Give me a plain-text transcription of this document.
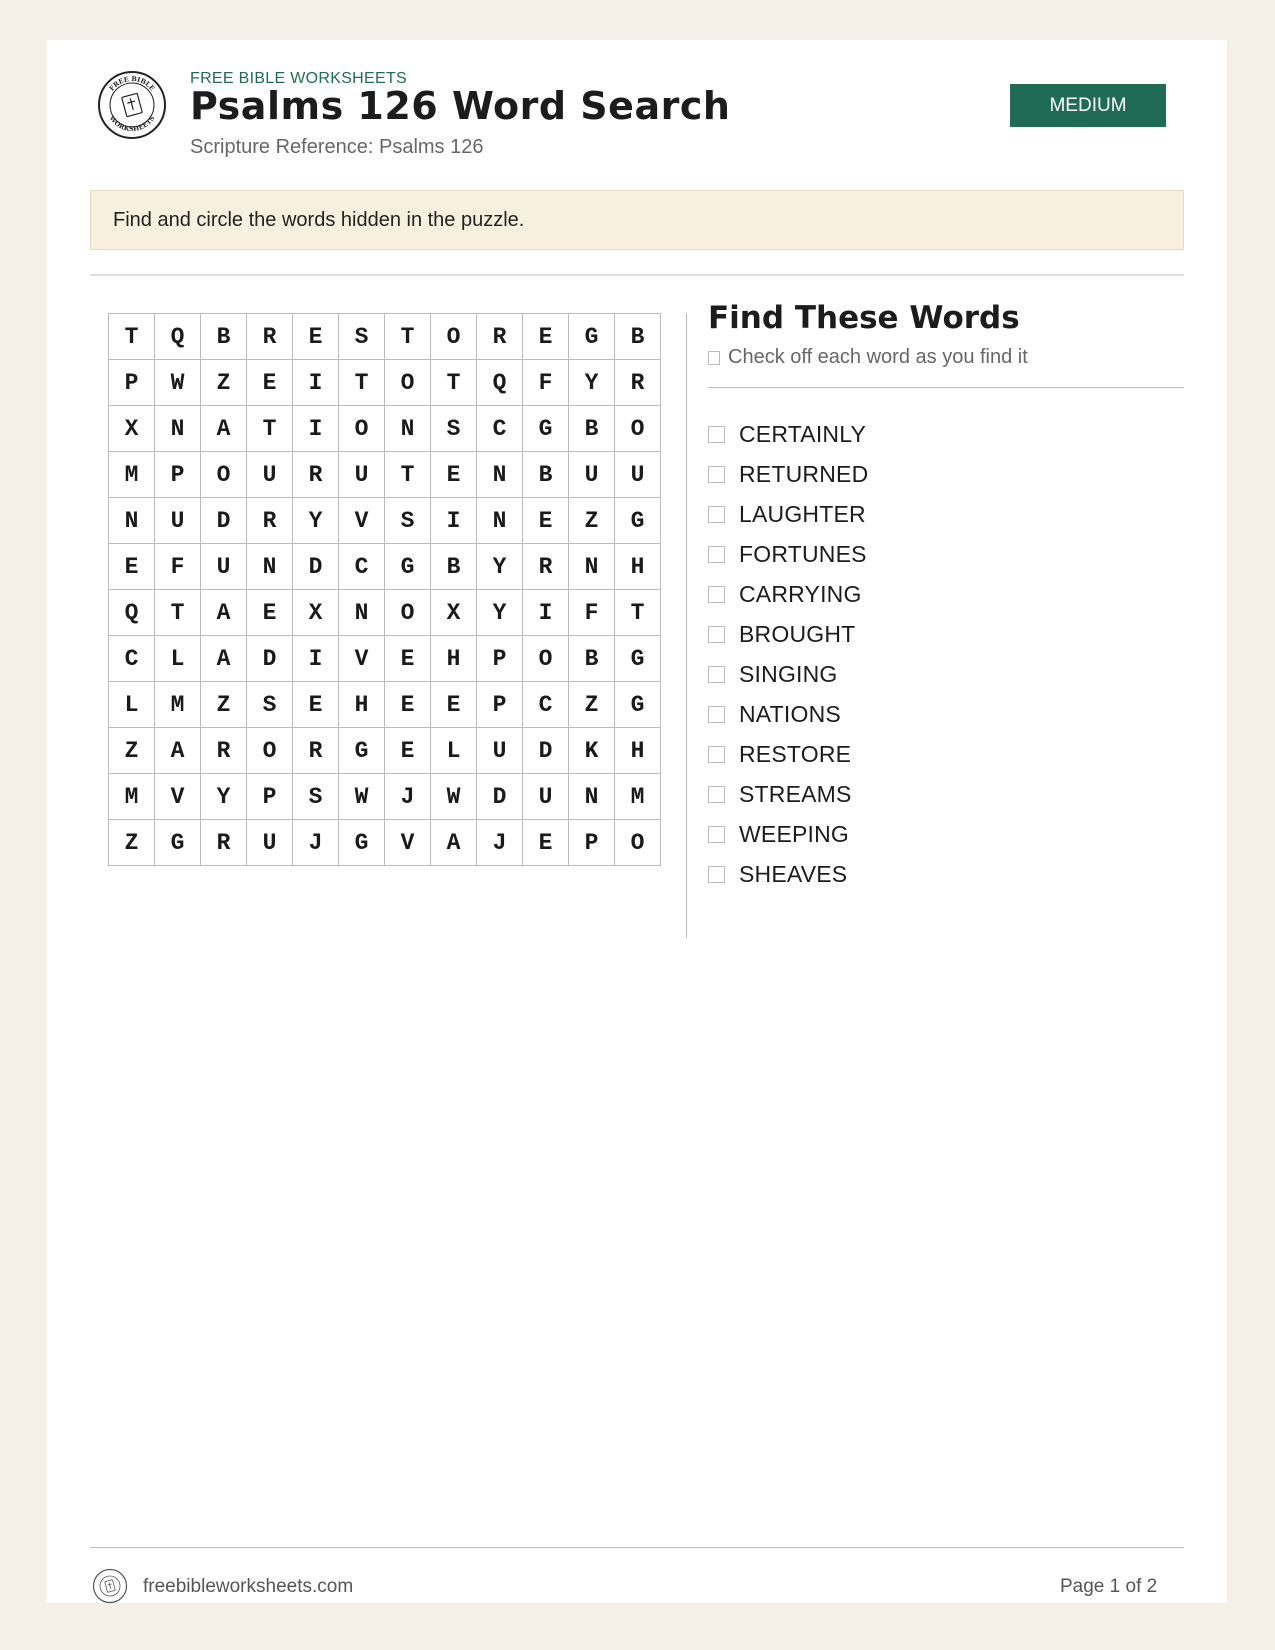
FREE BIBLE
WORKSHEETS
FREE BIBLE WORKSHEETS
Psalms 126 Word Search
Scripture Reference: Psalms 126
MEDIUM
Find and circle the words hidden in the puzzle.
T	Q	B	R	E	S	T	O	R	E	G	B
P	W	Z	E	I	T	O	T	Q	F	Y	R
X	N	A	T	I	O	N	S	C	G	B	O
M	P	O	U	R	U	T	E	N	B	U	U
N	U	D	R	Y	V	S	I	N	E	Z	G
E	F	U	N	D	C	G	B	Y	R	N	H
Q	T	A	E	X	N	O	X	Y	I	F	T
C	L	A	D	I	V	E	H	P	O	B	G
L	M	Z	S	E	H	E	E	P	C	Z	G
Z	A	R	O	R	G	E	L	U	D	K	H
M	V	Y	P	S	W	J	W	D	U	N	M
Z	G	R	U	J	G	V	A	J	E	P	O
Find These Words
Check off each word as you find it
CERTAINLY
RETURNED
LAUGHTER
FORTUNES
CARRYING
BROUGHT
SINGING
NATIONS
RESTORE
STREAMS
WEEPING
SHEAVES
freebibleworksheets.com	Page 1 of 2
